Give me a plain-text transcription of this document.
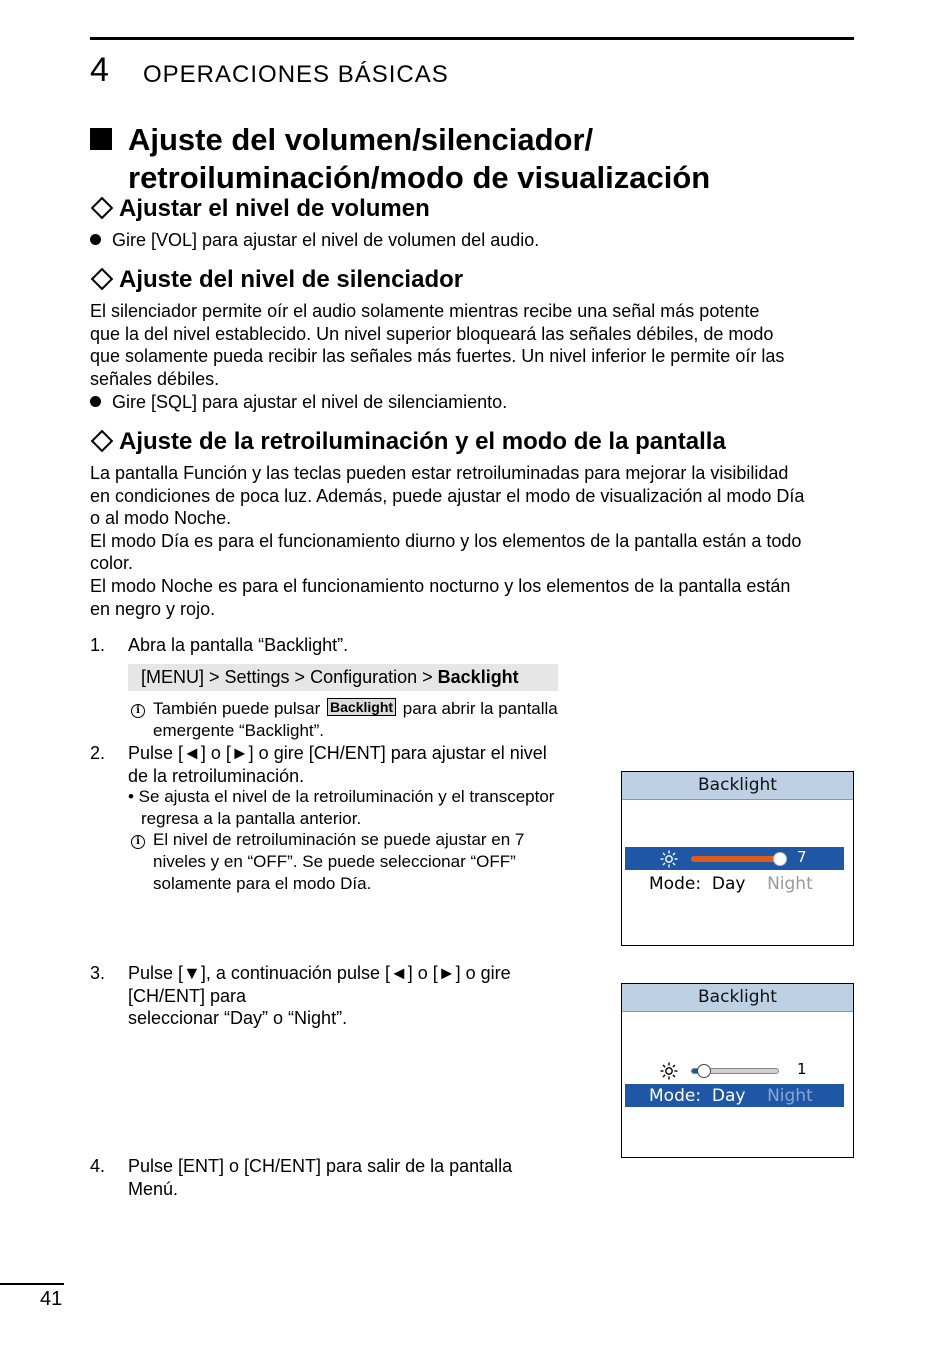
4 OPERACIONES BÁSICAS
Ajuste del volumen/silenciador/
retroiluminación/modo de visualización
Ajustar el nivel de volumen
Gire [VOL] para ajustar el nivel de volumen del audio.
Ajuste del nivel de silenciador
El silenciador permite oír el audio solamente mientras recibe una señal más potente
que la del nivel establecido. Un nivel superior bloqueará las señales débiles, de modo
que solamente pueda recibir las señales más fuertes. Un nivel inferior le permite oír las
señales débiles.
Gire [SQL] para ajustar el nivel de silenciamiento.
Ajuste de la retroiluminación y el modo de la pantalla
La pantalla Función y las teclas pueden estar retroiluminadas para mejorar la visibilidad
en condiciones de poca luz. Además, puede ajustar el modo de visualización al modo Día
o al modo Noche.
El modo Día es para el funcionamiento diurno y los elementos de la pantalla están a todo
color.
El modo Noche es para el funcionamiento nocturno y los elementos de la pantalla están
en negro y rojo.
1. Abra la pantalla “Backlight”.
[MENU] > Settings > Configuration > Backlight
i También puede pulsar Backlight para abrir la pantalla
emergente “Backlight”.
2. Pulse [◄] o [►] o gire [CH/ENT] para ajustar el nivel
de la retroiluminación.
• Se ajusta el nivel de la retroiluminación y el transceptor
regresa a la pantalla anterior.
i El nivel de retroiluminación se puede ajustar en 7
niveles y en “OFF”. Se puede seleccionar “OFF”
solamente para el modo Día.
Backlight
7
Mode: Day Night
3. Pulse [▼], a continuación pulse [◄] o [►] o gire
[CH/ENT] para
seleccionar “Day” o “Night”.
Backlight
1
Mode: Day Night
4. Pulse [ENT] o [CH/ENT] para salir de la pantalla
Menú.
41
